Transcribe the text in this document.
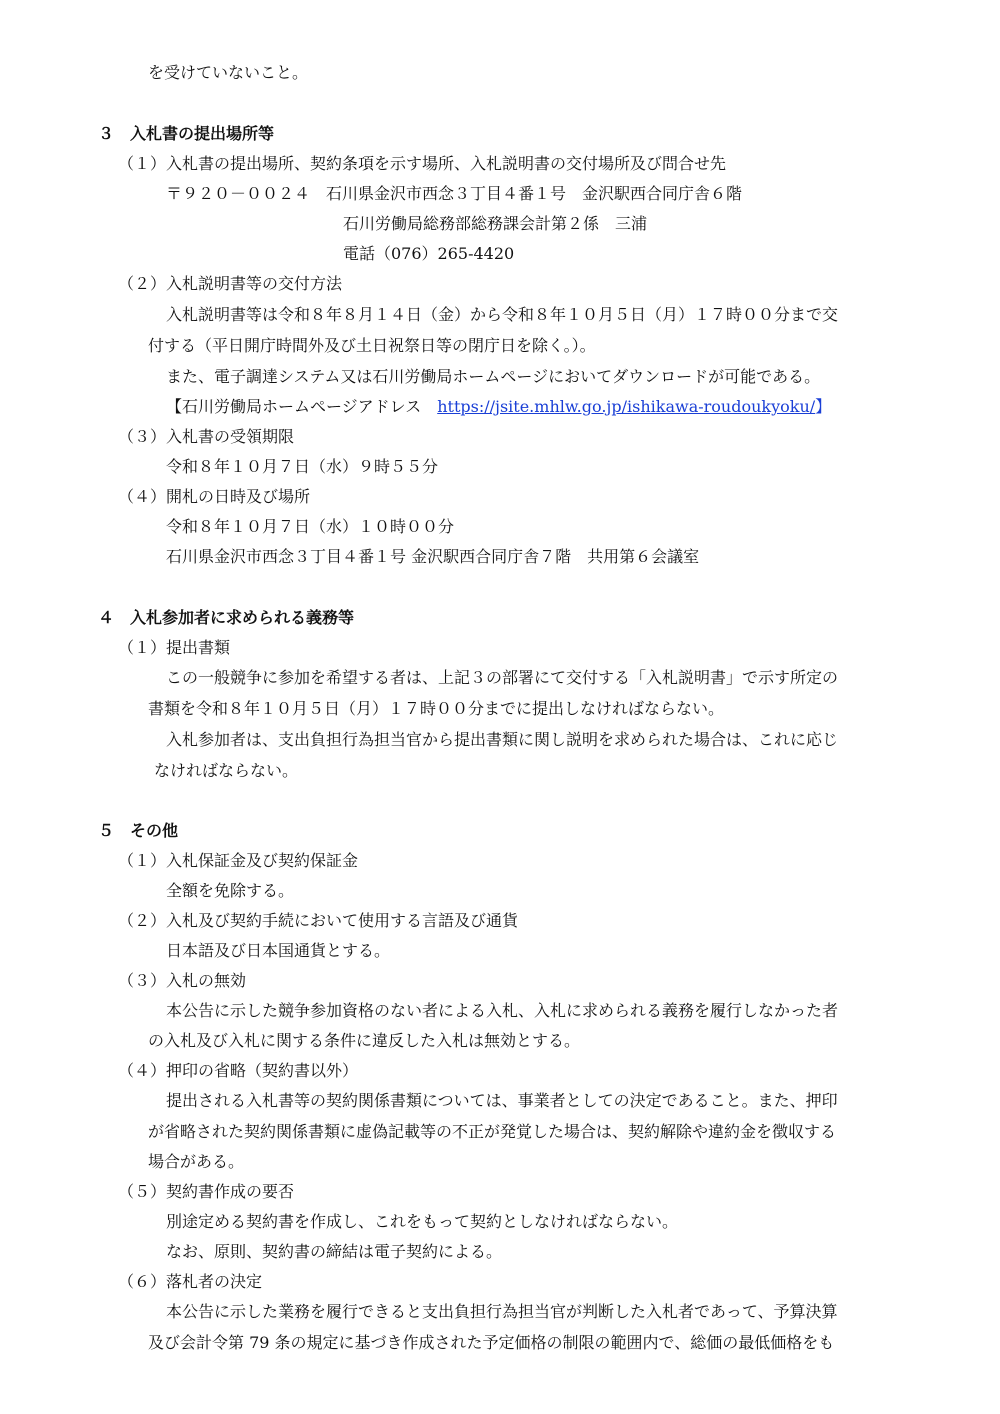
を受けていないこと。
３　入札書の提出場所等
（１）入札書の提出場所、契約条項を示す場所、入札説明書の交付場所及び問合せ先
〒９２０－００２４　石川県金沢市西念３丁目４番１号　金沢駅西合同庁舎６階
石川労働局総務部総務課会計第２係　三浦
電話（076）265-4420
（２）入札説明書等の交付方法
入札説明書等は令和８年８月１４日（金）から令和８年１０月５日（月）１７時００分まで交
付する（平日開庁時間外及び土日祝祭日等の閉庁日を除く。）。
また、電子調達システム又は石川労働局ホームページにおいてダウンロードが可能である。
【石川労働局ホームページアドレス　https://jsite.mhlw.go.jp/ishikawa-roudoukyoku/】
（３）入札書の受領期限
令和８年１０月７日（水）９時５５分
（４）開札の日時及び場所
令和８年１０月７日（水）１０時００分
石川県金沢市西念３丁目４番１号 金沢駅西合同庁舎７階　共用第６会議室
４　入札参加者に求められる義務等
（１）提出書類
この一般競争に参加を希望する者は、上記３の部署にて交付する「入札説明書」で示す所定の
書類を令和８年１０月５日（月）１７時００分までに提出しなければならない。
入札参加者は、支出負担行為担当官から提出書類に関し説明を求められた場合は、これに応じ
なければならない。
５　その他
（１）入札保証金及び契約保証金
全額を免除する。
（２）入札及び契約手続において使用する言語及び通貨
日本語及び日本国通貨とする。
（３）入札の無効
本公告に示した競争参加資格のない者による入札、入札に求められる義務を履行しなかった者
の入札及び入札に関する条件に違反した入札は無効とする。
（４）押印の省略（契約書以外）
提出される入札書等の契約関係書類については、事業者としての決定であること。また、押印
が省略された契約関係書類に虚偽記載等の不正が発覚した場合は、契約解除や違約金を徴収する
場合がある。
（５）契約書作成の要否
別途定める契約書を作成し、これをもって契約としなければならない。
なお、原則、契約書の締結は電子契約による。
（６）落札者の決定
本公告に示した業務を履行できると支出負担行為担当官が判断した入札者であって、予算決算
及び会計令第 79 条の規定に基づき作成された予定価格の制限の範囲内で、総価の最低価格をも
